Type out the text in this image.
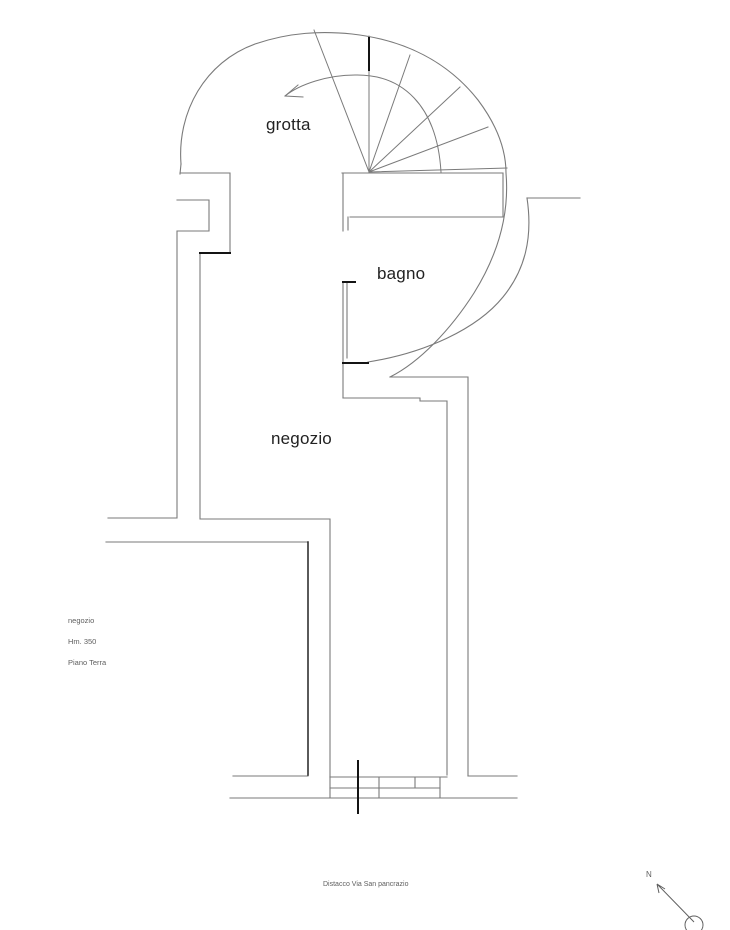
grotta
bagno
negozio
negozio
Hm. 350
Piano Terra
Distacco Via San pancrazio
N
